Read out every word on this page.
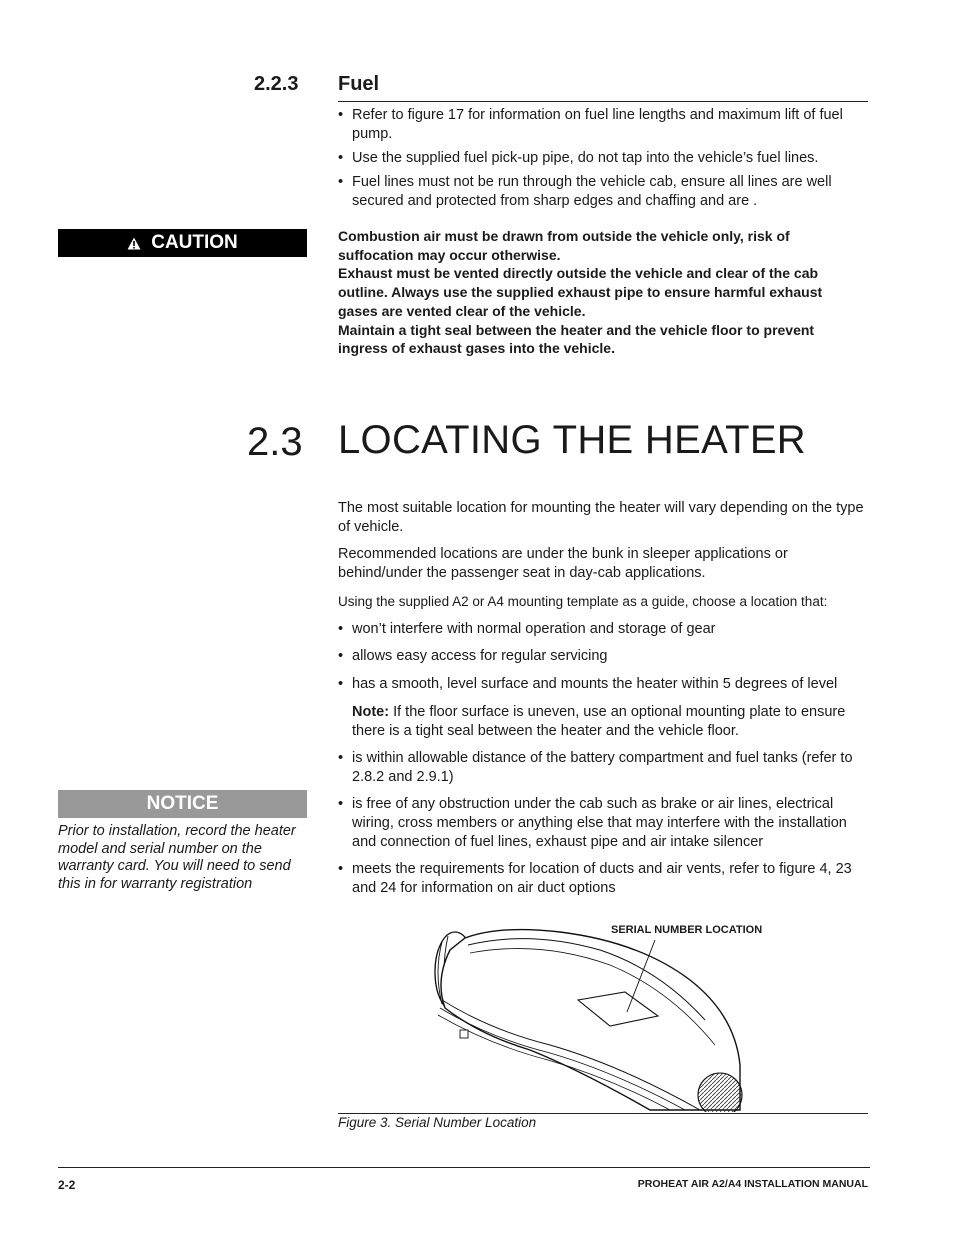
2.2.3 Fuel
• Refer to figure 17 for information on fuel line lengths and maximum lift of fuel pump.
• Use the supplied fuel pick-up pipe, do not tap into the vehicle’s fuel lines.
• Fuel lines must not be run through the vehicle cab, ensure all lines are well secured and protected from sharp edges and chaffing and are .
CAUTION	Combustion air must be drawn from outside the vehicle only, risk of suffocation may occur otherwise.
Exhaust must be vented directly outside the vehicle and clear of the cab outline. Always use the supplied exhaust pipe to ensure harmful exhaust gases are vented clear of the vehicle.
Maintain a tight seal between the heater and the vehicle floor to prevent ingress of exhaust gases into the vehicle.
2.3 LOCATING THE HEATER
The most suitable location for mounting the heater will vary depending on the type of vehicle.
Recommended locations are under the bunk in sleeper applications or behind/under the passenger seat in day-cab applications.
Using the supplied A2 or A4 mounting template as a guide, choose a location that:
• won’t interfere with normal operation and storage of gear
• allows easy access for regular servicing
• has a smooth, level surface and mounts the heater within 5 degrees of level
Note: If the floor surface is uneven, use an optional mounting plate to ensure there is a tight seal between the heater and the vehicle floor.
• is within allowable distance of the battery compartment and fuel tanks (refer to 2.8.2 and 2.9.1)
• is free of any obstruction under the cab such as brake or air lines, electrical wiring, cross members or anything else that may interfere with the installation and connection of fuel lines, exhaust pipe and air intake silencer
• meets the requirements for location of ducts and air vents, refer to figure 4, 23 and 24 for information on air duct options
NOTICE
Prior to installation, record the heater model and serial number on the warranty card. You will need to send this in for warranty registration
SERIAL NUMBER LOCATION
Figure 3. Serial Number Location
2-2	PROHEAT AIR A2/A4 INSTALLATION MANUAL
